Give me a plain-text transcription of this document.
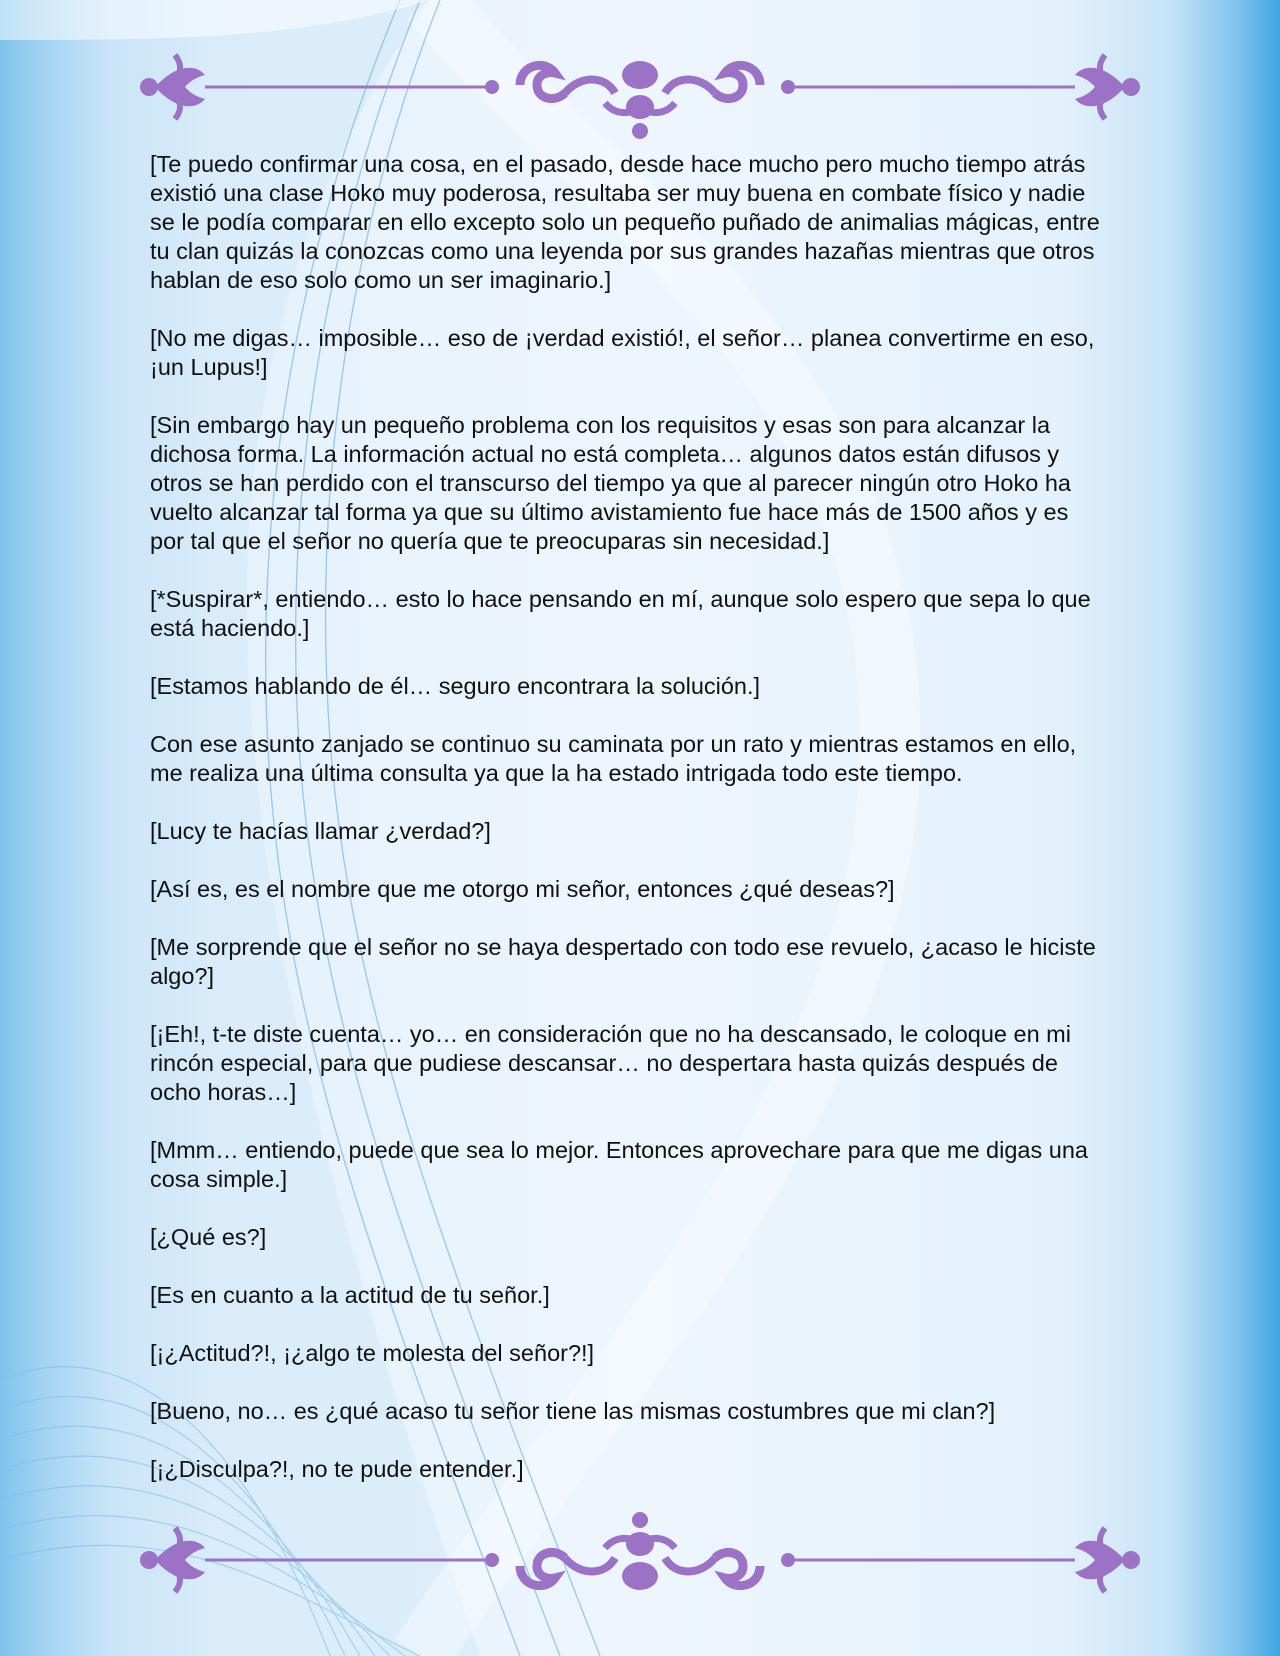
[Te puedo confirmar una cosa, en el pasado, desde hace mucho pero mucho tiempo atrás existió una clase Hoko muy poderosa, resultaba ser muy buena en combate físico y nadie se le podía comparar en ello excepto solo un pequeño puñado de animalias mágicas, entre tu clan quizás la conozcas como una leyenda por sus grandes hazañas mientras que otros hablan de eso solo como un ser imaginario.]

[No me digas… imposible… eso de ¡verdad existió!, el señor… planea convertirme en eso, ¡un Lupus!]

[Sin embargo hay un pequeño problema con los requisitos y esas son para alcanzar la dichosa forma. La información actual no está completa… algunos datos están difusos y otros se han perdido con el transcurso del tiempo ya que al parecer ningún otro Hoko ha vuelto alcanzar tal forma ya que su último avistamiento fue hace más de 1500 años y es por tal que el señor no quería que te preocuparas sin necesidad.]

[*Suspirar*, entiendo… esto lo hace pensando en mí, aunque solo espero que sepa lo que está haciendo.]

[Estamos hablando de él… seguro encontrara la solución.]

Con ese asunto zanjado se continuo su caminata por un rato y mientras estamos en ello, me realiza una última consulta ya que la ha estado intrigada todo este tiempo.

[Lucy te hacías llamar ¿verdad?]

[Así es, es el nombre que me otorgo mi señor, entonces ¿qué deseas?]

[Me sorprende que el señor no se haya despertado con todo ese revuelo, ¿acaso le hiciste algo?]

[¡Eh!, t-te diste cuenta… yo… en consideración que no ha descansado, le coloque en mi rincón especial, para que pudiese descansar… no despertara hasta quizás después de ocho horas…]

[Mmm… entiendo, puede que sea lo mejor. Entonces aprovechare para que me digas una cosa simple.]

[¿Qué es?]

[Es en cuanto a la actitud de tu señor.]

[¡¿Actitud?!, ¡¿algo te molesta del señor?!]

[Bueno, no… es ¿qué acaso tu señor tiene las mismas costumbres que mi clan?]

[¡¿Disculpa?!, no te pude entender.]
